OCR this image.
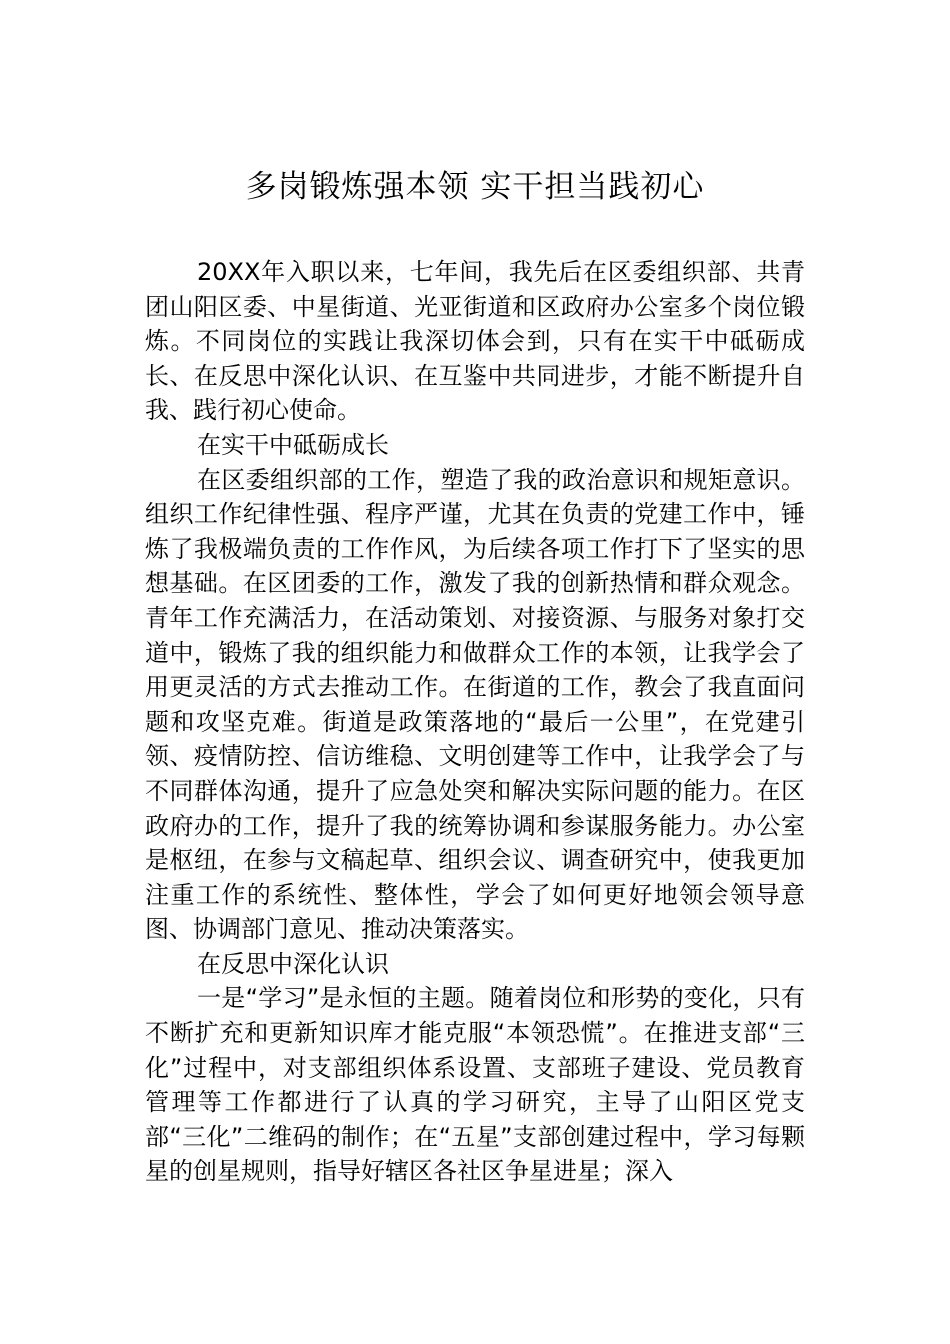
多岗锻炼强本领 实干担当践初心

20XX年入职以来，七年间，我先后在区委组织部、共青团山阳区委、中星街道、光亚街道和区政府办公室多个岗位锻炼。不同岗位的实践让我深切体会到，只有在实干中砥砺成长、在反思中深化认识、在互鉴中共同进步，才能不断提升自我、践行初心使命。

在实干中砥砺成长

在区委组织部的工作，塑造了我的政治意识和规矩意识。组织工作纪律性强、程序严谨，尤其在负责的党建工作中，锤炼了我极端负责的工作作风，为后续各项工作打下了坚实的思想基础。在区团委的工作，激发了我的创新热情和群众观念。青年工作充满活力，在活动策划、对接资源、与服务对象打交道中，锻炼了我的组织能力和做群众工作的本领，让我学会了用更灵活的方式去推动工作。在街道的工作，教会了我直面问题和攻坚克难。街道是政策落地的“最后一公里”，在党建引领、疫情防控、信访维稳、文明创建等工作中，让我学会了与不同群体沟通，提升了应急处突和解决实际问题的能力。在区政府办的工作，提升了我的统筹协调和参谋服务能力。办公室是枢纽，在参与文稿起草、组织会议、调查研究中，使我更加注重工作的系统性、整体性，学会了如何更好地领会领导意图、协调部门意见、推动决策落实。

在反思中深化认识

一是“学习”是永恒的主题。随着岗位和形势的变化，只有不断扩充和更新知识库才能克服“本领恐慌”。在推进支部“三化”过程中，对支部组织体系设置、支部班子建设、党员教育管理等工作都进行了认真的学习研究，主导了山阳区党支部“三化”二维码的制作；在“五星”支部创建过程中，学习每颗星的创星规则，指导好辖区各社区争星进星；深入
